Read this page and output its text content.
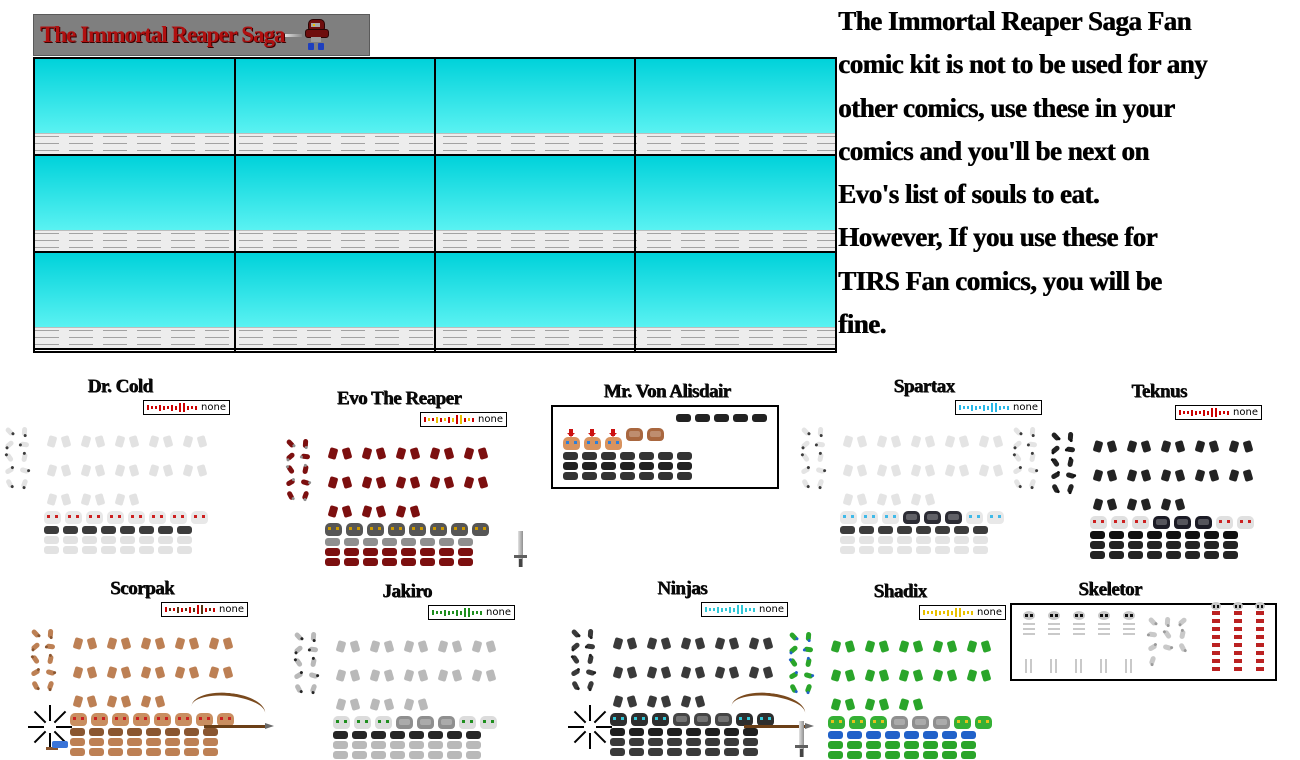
The Immortal Reaper Saga	The Immortal Reaper Saga Fan
comic kit is not to be used for any
other comics, use these in your
comics and you'll be next on
Evo's list of souls to eat.
However, If you use these for
TIRS Fan comics, you will be
fine.
Dr. Cold
none	Evo The Reaper
none
Mr. Von Alisdair	Spartax
none
Teknus
none
Scorpak
none
Jakiro
none
Ninjas
none
Shadix
none
Skeletor
